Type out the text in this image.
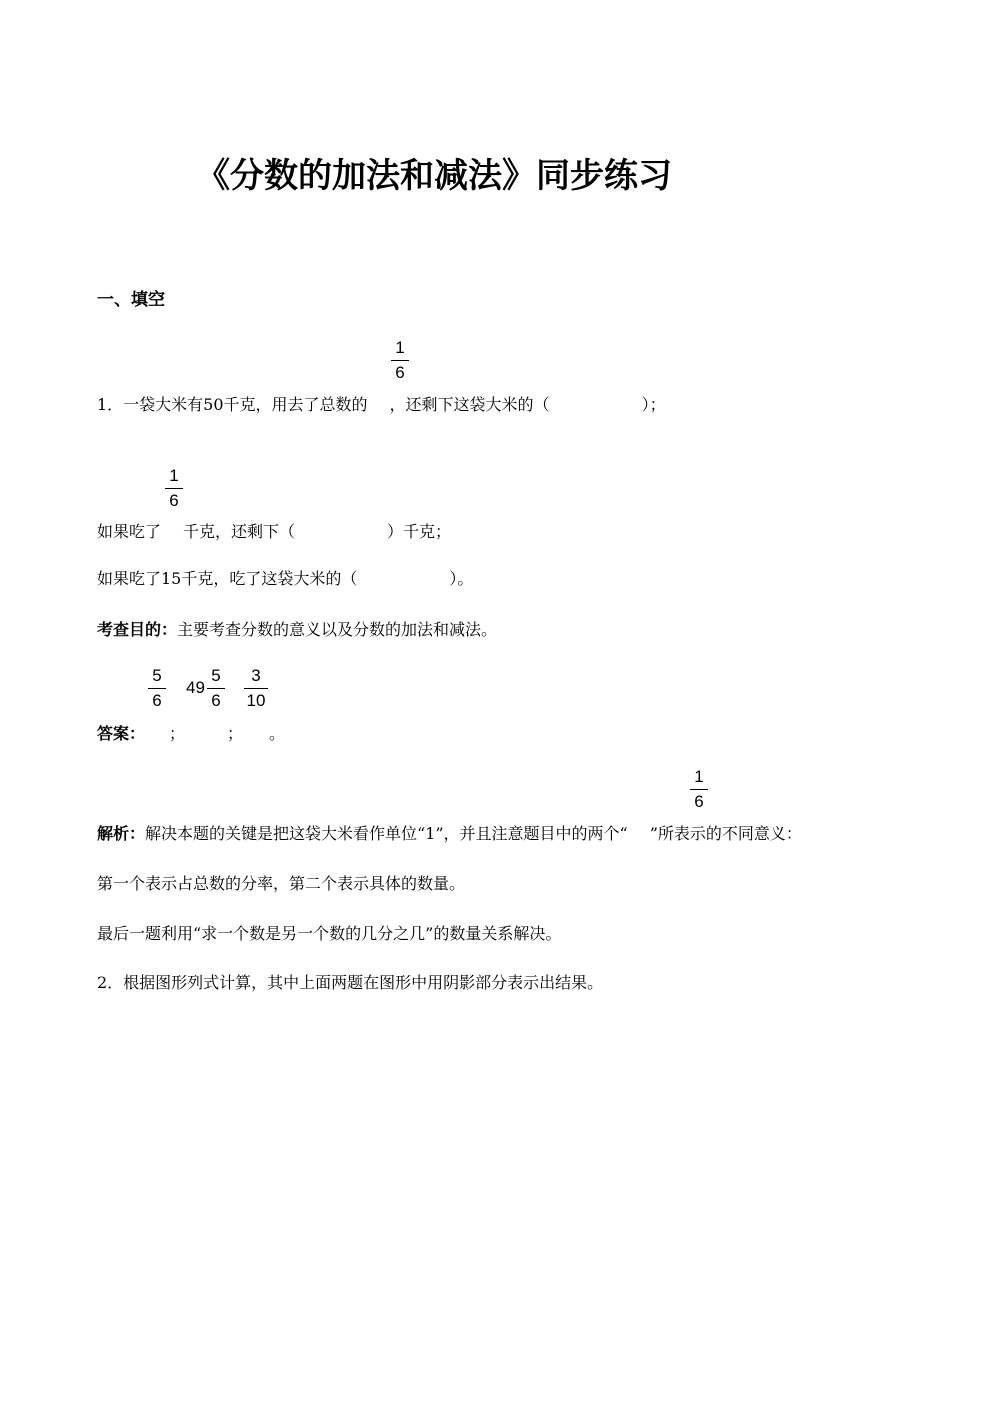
《分数的加法和减法》同步练习
一、填空
1
6
1．一袋大米有50千克，用去了总数的 ，还剩下这袋大米的（	）；
1
6
如果吃了 千克，还剩下（	）千克；
如果吃了15千克，吃了这袋大米的（	）。
考查目的：主要考查分数的意义以及分数的加法和减法。
5
6
49
5
6
3
10
答案： ；	； 。
1
6
解析：解决本题的关键是把这袋大米看作单位“1”，并且注意题目中的两个“ ”所表示的不同意义：
第一个表示占总数的分率，第二个表示具体的数量。
最后一题利用“求一个数是另一个数的几分之几”的数量关系解决。
2．根据图形列式计算，其中上面两题在图形中用阴影部分表示出结果。
